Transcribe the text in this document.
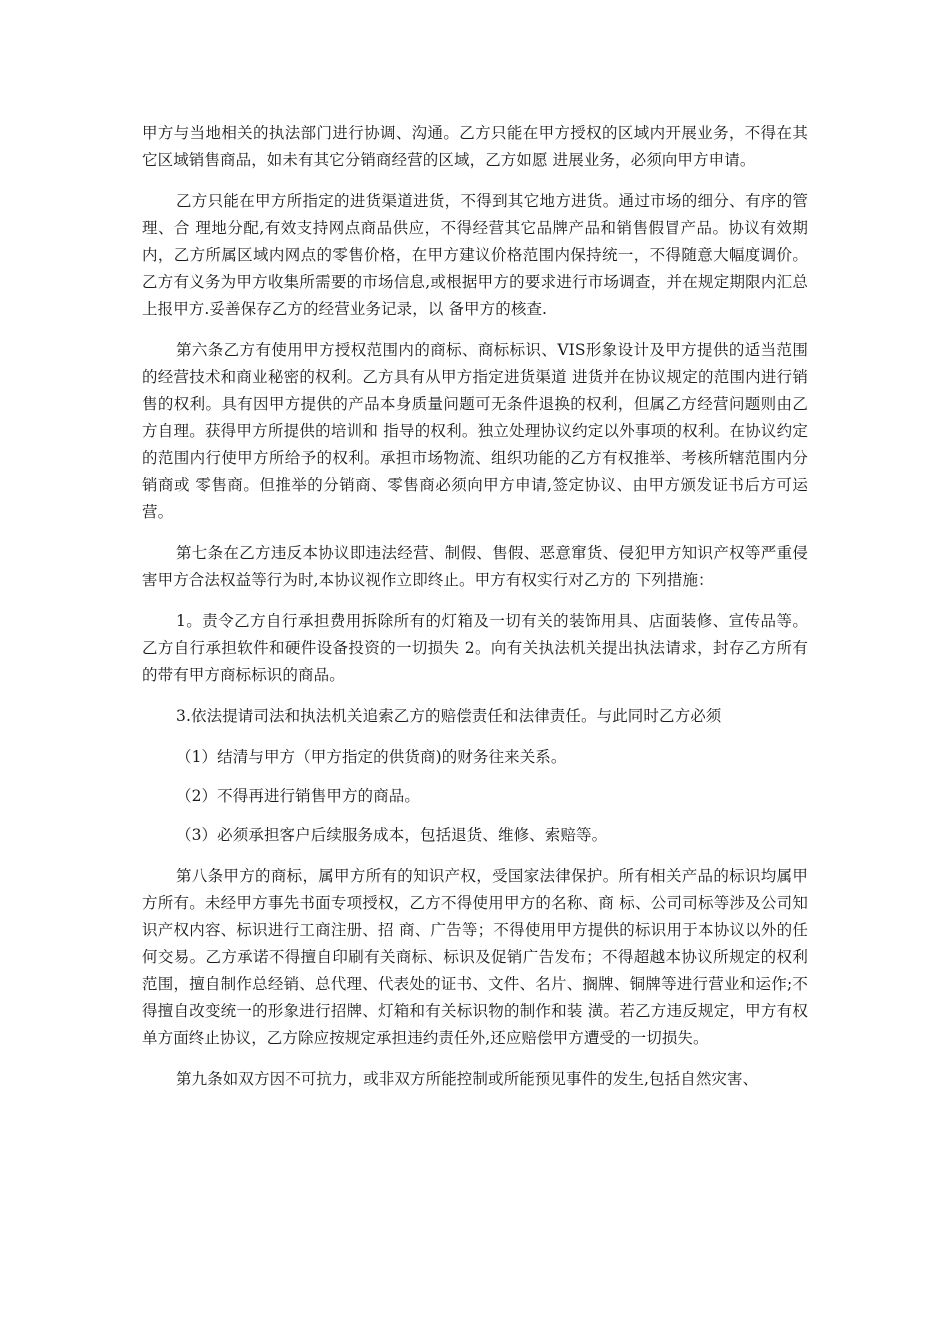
甲方与当地相关的执法部门进行协调、沟通。乙方只能在甲方授权的区域内开展业务，不得在其它区域销售商品，如未有其它分销商经营的区域，乙方如愿 进展业务，必须向甲方申请。

乙方只能在甲方所指定的进货渠道进货，不得到其它地方进货。通过市场的细分、有序的管理、合 理地分配,有效支持网点商品供应，不得经营其它品牌产品和销售假冒产品。协议有效期内，乙方所属区域内网点的零售价格，在甲方建议价格范围内保持统一，不得随意大幅度调价。乙方有义务为甲方收集所需要的市场信息,或根据甲方的要求进行市场调查，并在规定期限内汇总上报甲方.妥善保存乙方的经营业务记录，以 备甲方的核查.

第六条乙方有使用甲方授权范围内的商标、商标标识、VIS形象设计及甲方提供的适当范围的经营技术和商业秘密的权利。乙方具有从甲方指定进货渠道 进货并在协议规定的范围内进行销售的权利。具有因甲方提供的产品本身质量问题可无条件退换的权利，但属乙方经营问题则由乙方自理。获得甲方所提供的培训和 指导的权利。独立处理协议约定以外事项的权利。在协议约定的范围内行使甲方所给予的权利。承担市场物流、组织功能的乙方有权推举、考核所辖范围内分销商或 零售商。但推举的分销商、零售商必须向甲方申请,签定协议、由甲方颁发证书后方可运营。

第七条在乙方违反本协议即违法经营、制假、售假、恶意窜货、侵犯甲方知识产权等严重侵害甲方合法权益等行为时,本协议视作立即终止。甲方有权实行对乙方的 下列措施：

1。责令乙方自行承担费用拆除所有的灯箱及一切有关的装饰用具、店面装修、宣传品等。乙方自行承担软件和硬件设备投资的一切损失 2。向有关执法机关提出执法请求，封存乙方所有的带有甲方商标标识的商品。

3.依法提请司法和执法机关追索乙方的赔偿责任和法律责任。与此同时乙方必须

（1）结清与甲方（甲方指定的供货商)的财务往来关系。

（2）不得再进行销售甲方的商品。

（3）必须承担客户后续服务成本，包括退货、维修、索赔等。

第八条甲方的商标，属甲方所有的知识产权，受国家法律保护。所有相关产品的标识均属甲方所有。未经甲方事先书面专项授权，乙方不得使用甲方的名称、商 标、公司司标等涉及公司知识产权内容、标识进行工商注册、招 商、广告等；不得使用甲方提供的标识用于本协议以外的任何交易。乙方承诺不得擅自印刷有关商标、标识及促销广告发布；不得超越本协议所规定的权利 范围，擅自制作总经销、总代理、代表处的证书、文件、名片、搁牌、铜牌等进行营业和运作;不得擅自改变统一的形象进行招牌、灯箱和有关标识物的制作和装 潢。若乙方违反规定，甲方有权单方面终止协议，乙方除应按规定承担违约责任外,还应赔偿甲方遭受的一切损失。

第九条如双方因不可抗力，或非双方所能控制或所能预见事件的发生,包括自然灾害、
